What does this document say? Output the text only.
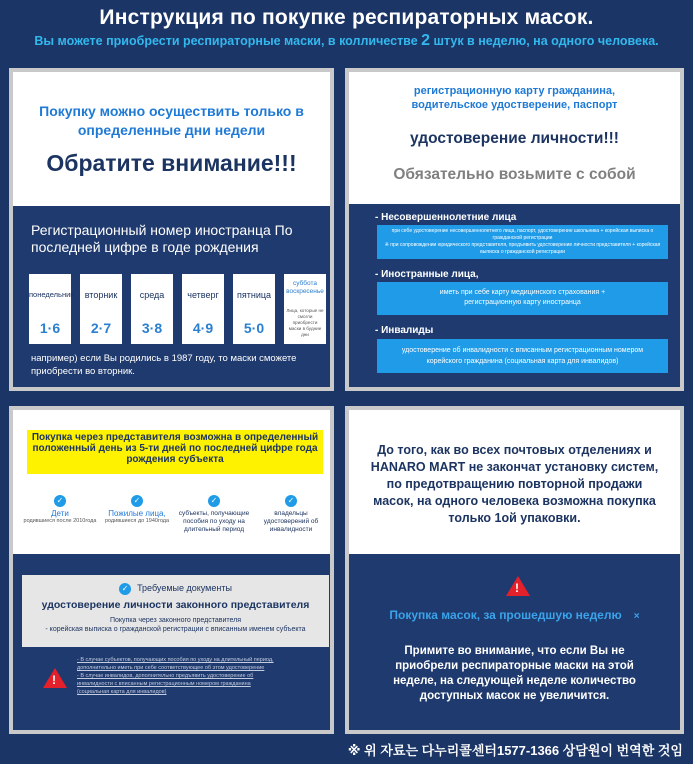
Инструкция по покупке респираторных масок.
Вы можете приобрести респираторные маски, в колличестве 2 штук в неделю, на одного человека.
Покупку можно осуществить только в определенные дни недели
Обратите внимание!!!
Регистрационный номер иностранца По последней цифре в годе рождения
понедельник
1·6
вторник
2·7
среда
3·8
четверг
4·9
пятница
5·0
суббота воскресенье
Лица, которые не смогли приобрести маски в будние дни
например) если Вы родились в 1987 году, то маски сможете приобрести во вторник.
регистрационную карту гражданина, водительское удостверение, паспорт
удостоверение личности!!!
Обязательно возьмите с собой
- Несовершеннолетние лица
при себе удостоверение несовершеннолетнего лица, паспорт, удостоверение школьника + корейская выписка о гражданской регистрации
※ при сопровождении юридического представителя, предъявить удостоверение личности представителя + корейская выписка о гражданской регистрации
- Иностранные лица,
иметь при себе карту медицинского страхования + регистрационную карту иностранца
- Инвалиды
удостоверение об инвалидности с вписанным регистрационным номером корейского гражданина (социальная карта для инвалидов)
Покупка через представителя возможна в определенный положенный день из 5-ти дней по последней цифре года рождения субъекта
✓
Дети
родившиеся после 2010года
✓
Пожилые лица,
родившиеся до 1940года
✓
субъекты, получающие пособия по уходу на длительный период
✓
владельцы удостоверений об инвалидности
✓ Требуемые документы
удостоверение личности законного представителя
Покупка через законного представителя
- корейская выписка о гражданской регистрации с вписанным именем субъекта
!
- В случае субъектов, получающих пособия по уходу на длительный период,
дополнительно иметь при себе соответствующее об этом удостоверение
- В случае инвалидов, дополнительно предъявить удостоверение об
инвалидности с вписанным регистрационным номером гражданина
(социальная карта для инвалидов)
До того, как во всех почтовых отделениях и HANARO MART не закончат установку систем, по предотвращению повторной продажи масок, на одного человека возможна покупка только 1ой упаковки.
!
Покупка масок, за прошедшую неделю ×
Примите во внимание, что если Вы не приобрели респираторные маски на этой неделе, на следующей неделе количество доступных масок не увеличится.
※ 위 자료는 다누리콜센터1577-1366 상담원이 번역한 것임
